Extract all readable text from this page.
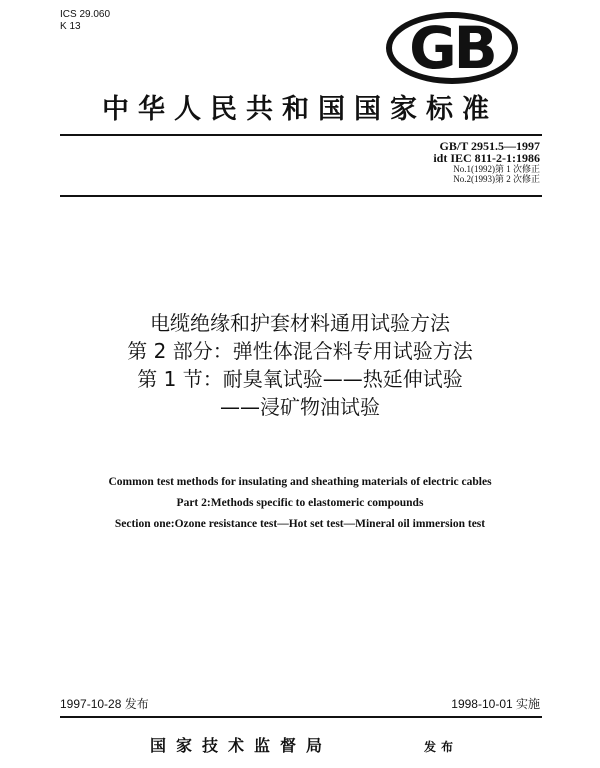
ICS 29.060
K 13	GB
中华人民共和国国家标准
GB/T 2951.5—1997
idt IEC 811-2-1:1986
No.1(1992)第 1 次修正
No.2(1993)第 2 次修正
电缆绝缘和护套材料通用试验方法
第 2 部分：弹性体混合料专用试验方法
第 1 节：耐臭氧试验——热延伸试验
——浸矿物油试验
Common test methods for insulating and sheathing materials of electric cables
Part 2:Methods specific to elastomeric compounds
Section one:Ozone resistance test—Hot set test—Mineral oil immersion test
1997-10-28 发布	1998-10-01 实施
国家技术监督局	发布
